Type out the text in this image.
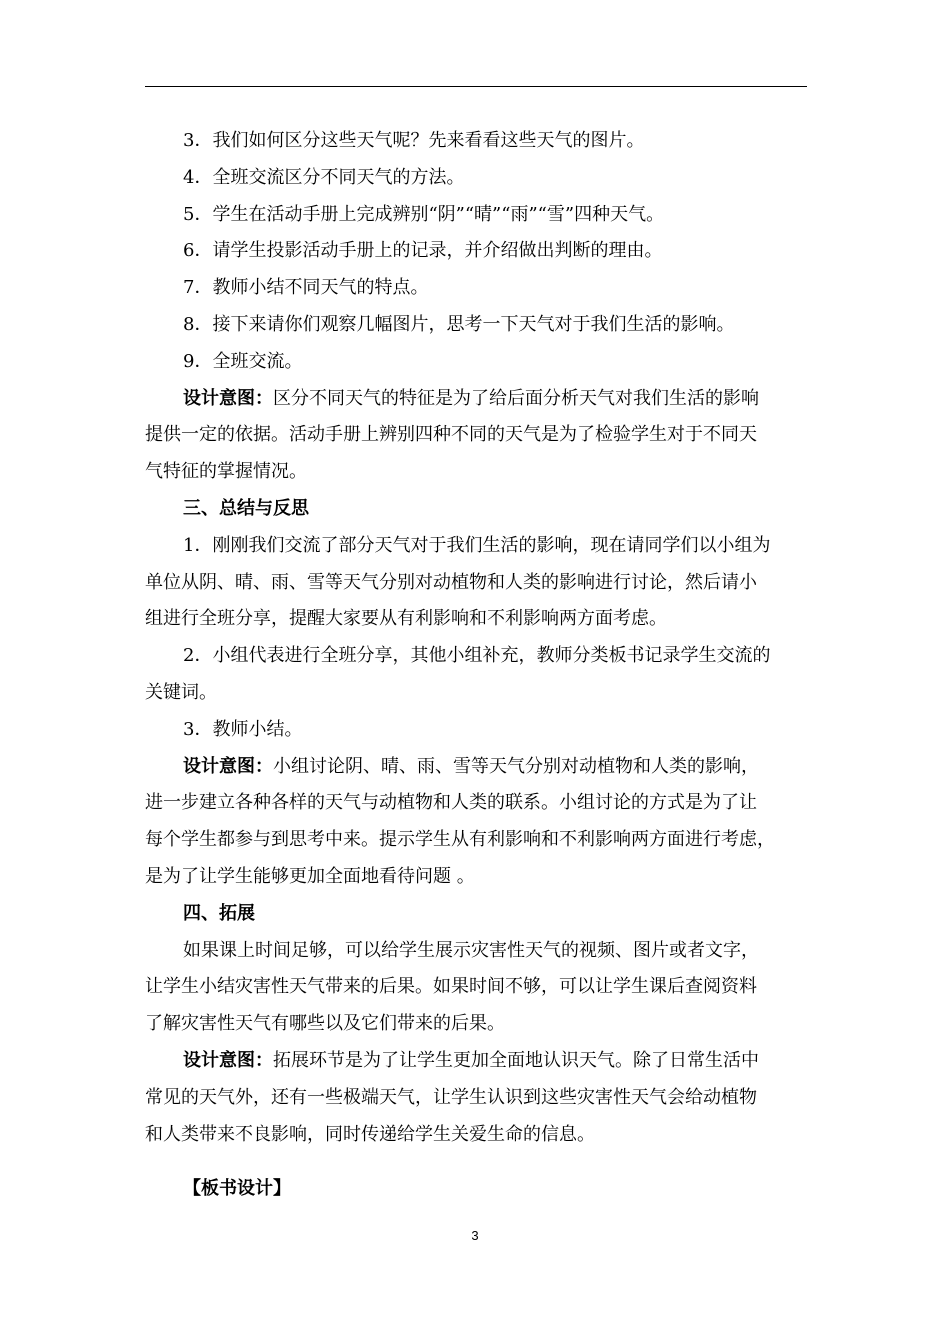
3．我们如何区分这些天气呢？先来看看这些天气的图片。
4．全班交流区分不同天气的方法。
5．学生在活动手册上完成辨别“阴”“晴”“雨”“雪”四种天气。
6．请学生投影活动手册上的记录，并介绍做出判断的理由。
7．教师小结不同天气的特点。
8．接下来请你们观察几幅图片，思考一下天气对于我们生活的影响。
9．全班交流。
设计意图：区分不同天气的特征是为了给后面分析天气对我们生活的影响
提供一定的依据。活动手册上辨别四种不同的天气是为了检验学生对于不同天
气特征的掌握情况。
三、总结与反思
1．刚刚我们交流了部分天气对于我们生活的影响，现在请同学们以小组为
单位从阴、晴、雨、雪等天气分别对动植物和人类的影响进行讨论，然后请小
组进行全班分享，提醒大家要从有利影响和不利影响两方面考虑。
2．小组代表进行全班分享，其他小组补充，教师分类板书记录学生交流的
关键词。
3．教师小结。
设计意图：小组讨论阴、晴、雨、雪等天气分别对动植物和人类的影响，
进一步建立各种各样的天气与动植物和人类的联系。小组讨论的方式是为了让
每个学生都参与到思考中来。提示学生从有利影响和不利影响两方面进行考虑，
是为了让学生能够更加全面地看待问题 。
四、拓展
如果课上时间足够，可以给学生展示灾害性天气的视频、图片或者文字，
让学生小结灾害性天气带来的后果。如果时间不够，可以让学生课后查阅资料
了解灾害性天气有哪些以及它们带来的后果。
设计意图：拓展环节是为了让学生更加全面地认识天气。除了日常生活中
常见的天气外，还有一些极端天气，让学生认识到这些灾害性天气会给动植物
和人类带来不良影响，同时传递给学生关爱生命的信息。
【板书设计】
3
